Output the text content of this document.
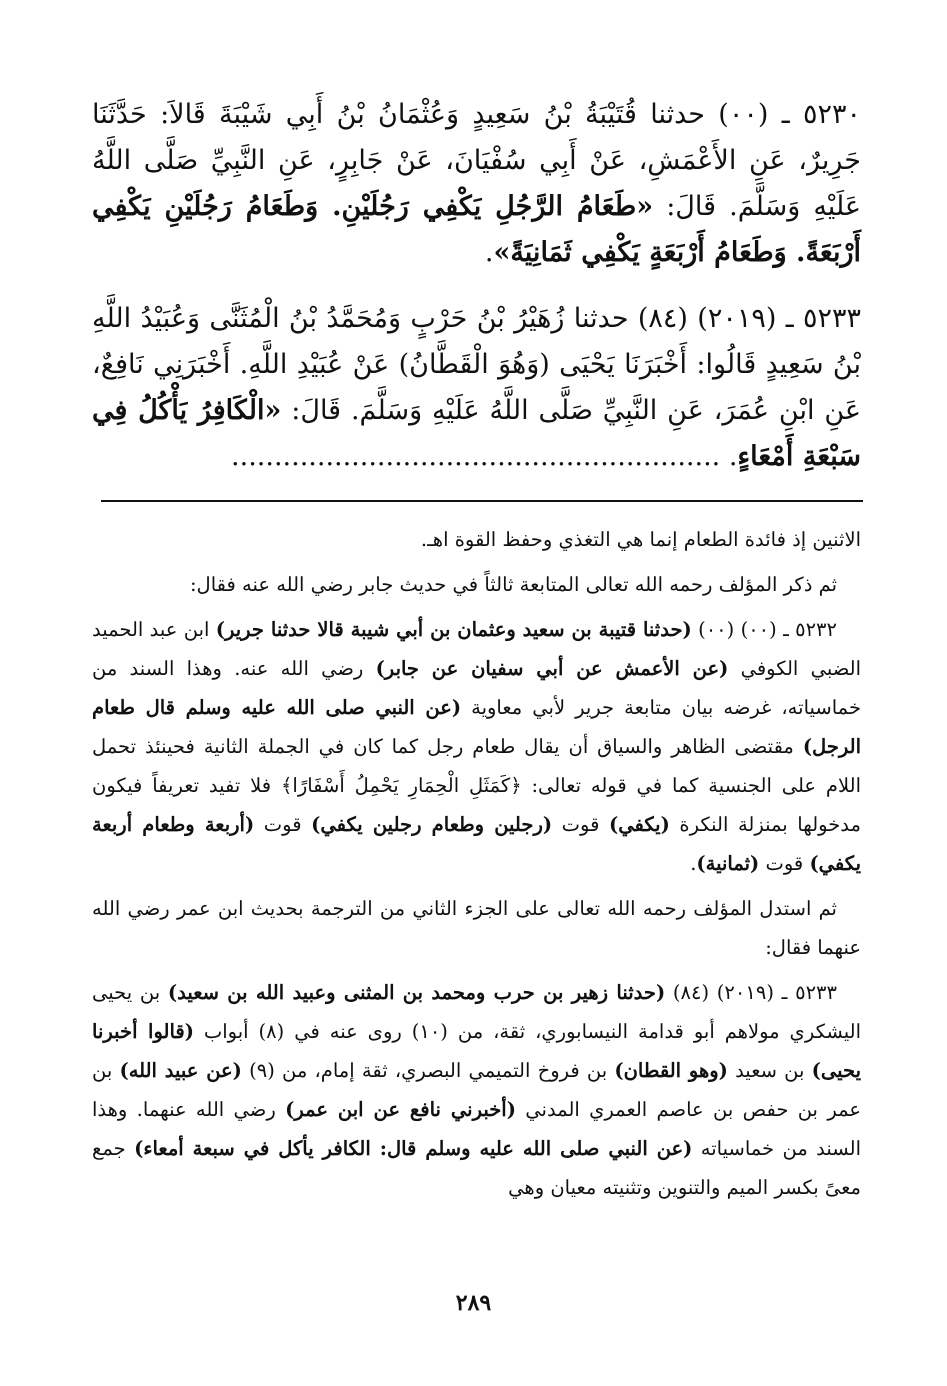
٥٢٣٠ ـ (٠٠) حدثنا قُتَيْبَةُ بْنُ سَعِيدٍ وَعُثْمَانُ بْنُ أَبِي شَيْبَةَ قَالاَ: حَدَّثَنَا جَرِيرٌ، عَنِ الأَعْمَشِ، عَنْ أَبِي سُفْيَانَ، عَنْ جَابِرٍ، عَنِ النَّبِيِّ صَلَّى اللَّهُ عَلَيْهِ وَسَلَّمَ. قَالَ: «طَعَامُ الرَّجُلِ يَكْفِي رَجُلَيْنِ. وَطَعَامُ رَجُلَيْنِ يَكْفِي أَرْبَعَةً. وَطَعَامُ أَرْبَعَةٍ يَكْفِي ثَمَانِيَةً».

٥٢٣٣ ـ (٢٠١٩) (٨٤) حدثنا زُهَيْرُ بْنُ حَرْبٍ وَمُحَمَّدُ بْنُ الْمُثَنَّى وَعُبَيْدُ اللَّهِ بْنُ سَعِيدٍ قَالُوا: أَخْبَرَنَا يَحْيَى (وَهُوَ الْقَطَّانُ) عَنْ عُبَيْدِ اللَّهِ. أَخْبَرَنِي نَافِعٌ، عَنِ ابْنِ عُمَرَ، عَنِ النَّبِيِّ صَلَّى اللَّهُ عَلَيْهِ وَسَلَّمَ. قَالَ: «الْكَافِرُ يَأْكُلُ فِي سَبْعَةِ أَمْعَاءٍ. .........................................................

الاثنين إذ فائدة الطعام إنما هي التغذي وحفظ القوة اهـ.

ثم ذكر المؤلف رحمه الله تعالى المتابعة ثالثاً في حديث جابر رضي الله عنه فقال:

٥٢٣٢ ـ (٠٠) (٠٠) (حدثنا قتيبة بن سعيد وعثمان بن أبي شيبة قالا حدثنا جرير) ابن عبد الحميد الضبي الكوفي (عن الأعمش عن أبي سفيان عن جابر) رضي الله عنه. وهذا السند من خماسياته، غرضه بيان متابعة جرير لأبي معاوية (عن النبي صلى الله عليه وسلم قال طعام الرجل) مقتضى الظاهر والسياق أن يقال طعام رجل كما كان في الجملة الثانية فحينئذ تحمل اللام على الجنسية كما في قوله تعالى: ﴿كَمَثَلِ الْحِمَارِ يَحْمِلُ أَسْفَارًا﴾ فلا تفيد تعريفاً فيكون مدخولها بمنزلة النكرة (يكفي) قوت (رجلين وطعام رجلين يكفي) قوت (أربعة وطعام أربعة يكفي) قوت (ثمانية).

ثم استدل المؤلف رحمه الله تعالى على الجزء الثاني من الترجمة بحديث ابن عمر رضي الله عنهما فقال:

٥٢٣٣ ـ (٢٠١٩) (٨٤) (حدثنا زهير بن حرب ومحمد بن المثنى وعبيد الله بن سعيد) بن يحيى اليشكري مولاهم أبو قدامة النيسابوري، ثقة، من (١٠) روى عنه في (٨) أبواب (قالوا أخبرنا يحيى) بن سعيد (وهو القطان) بن فروخ التميمي البصري، ثقة إمام، من (٩) (عن عبيد الله) بن عمر بن حفص بن عاصم العمري المدني (أخبرني نافع عن ابن عمر) رضي الله عنهما. وهذا السند من خماسياته (عن النبي صلى الله عليه وسلم قال: الكافر يأكل في سبعة أمعاء) جمع معىً بكسر الميم والتنوين وتثنيته معيان وهي

٢٨٩
